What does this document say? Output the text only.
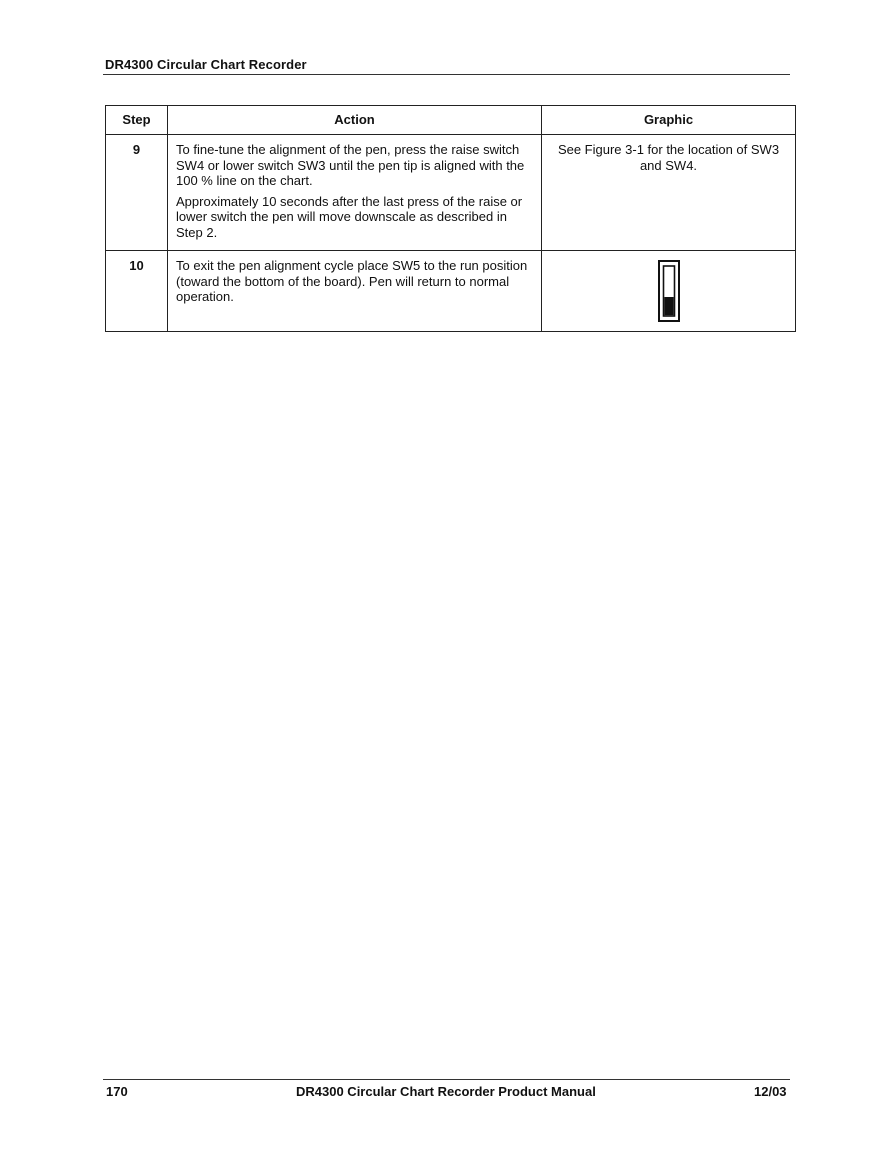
DR4300 Circular Chart Recorder
Step	Action	Graphic
9	To fine-tune the alignment of the pen, press the raise switch SW4 or lower switch SW3 until the pen tip is aligned with the 100 % line on the chart.

Approximately 10 seconds after the last press of the raise or lower switch the pen will move downscale as described in Step 2.	See Figure 3-1 for the location of SW3 and SW4.
10	To exit the pen alignment cycle place SW5 to the run position (toward the bottom of the board). Pen will return to normal operation.

170	DR4300 Circular Chart Recorder Product Manual	12/03
